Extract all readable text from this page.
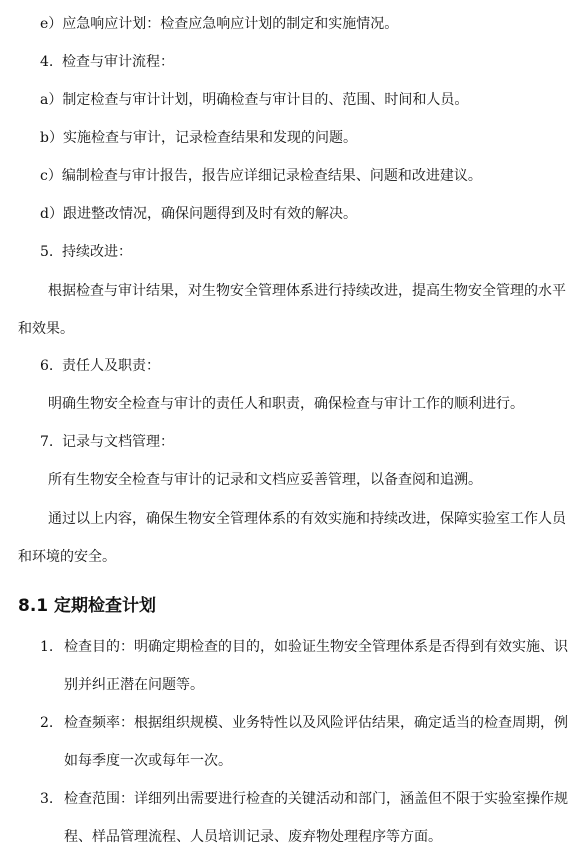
e）应急响应计划：检查应急响应计划的制定和实施情况。
4. 检查与审计流程：
a）制定检查与审计计划，明确检查与审计目的、范围、时间和人员。
b）实施检查与审计，记录检查结果和发现的问题。
c）编制检查与审计报告，报告应详细记录检查结果、问题和改进建议。
d）跟进整改情况，确保问题得到及时有效的解决。
5. 持续改进：
根据检查与审计结果，对生物安全管理体系进行持续改进，提高生物安全管理的水平和效果。
6. 责任人及职责：
明确生物安全检查与审计的责任人和职责，确保检查与审计工作的顺利进行。
7. 记录与文档管理：
所有生物安全检查与审计的记录和文档应妥善管理，以备查阅和追溯。
通过以上内容，确保生物安全管理体系的有效实施和持续改进，保障实验室工作人员和环境的安全。
8.1 定期检查计划
1. 检查目的：明确定期检查的目的，如验证生物安全管理体系是否得到有效实施、识别并纠正潜在问题等。
2. 检查频率：根据组织规模、业务特性以及风险评估结果，确定适当的检查周期，例如每季度一次或每年一次。
3. 检查范围：详细列出需要进行检查的关键活动和部门，涵盖但不限于实验室操作规程、样品管理流程、人员培训记录、废弃物处理程序等方面。
